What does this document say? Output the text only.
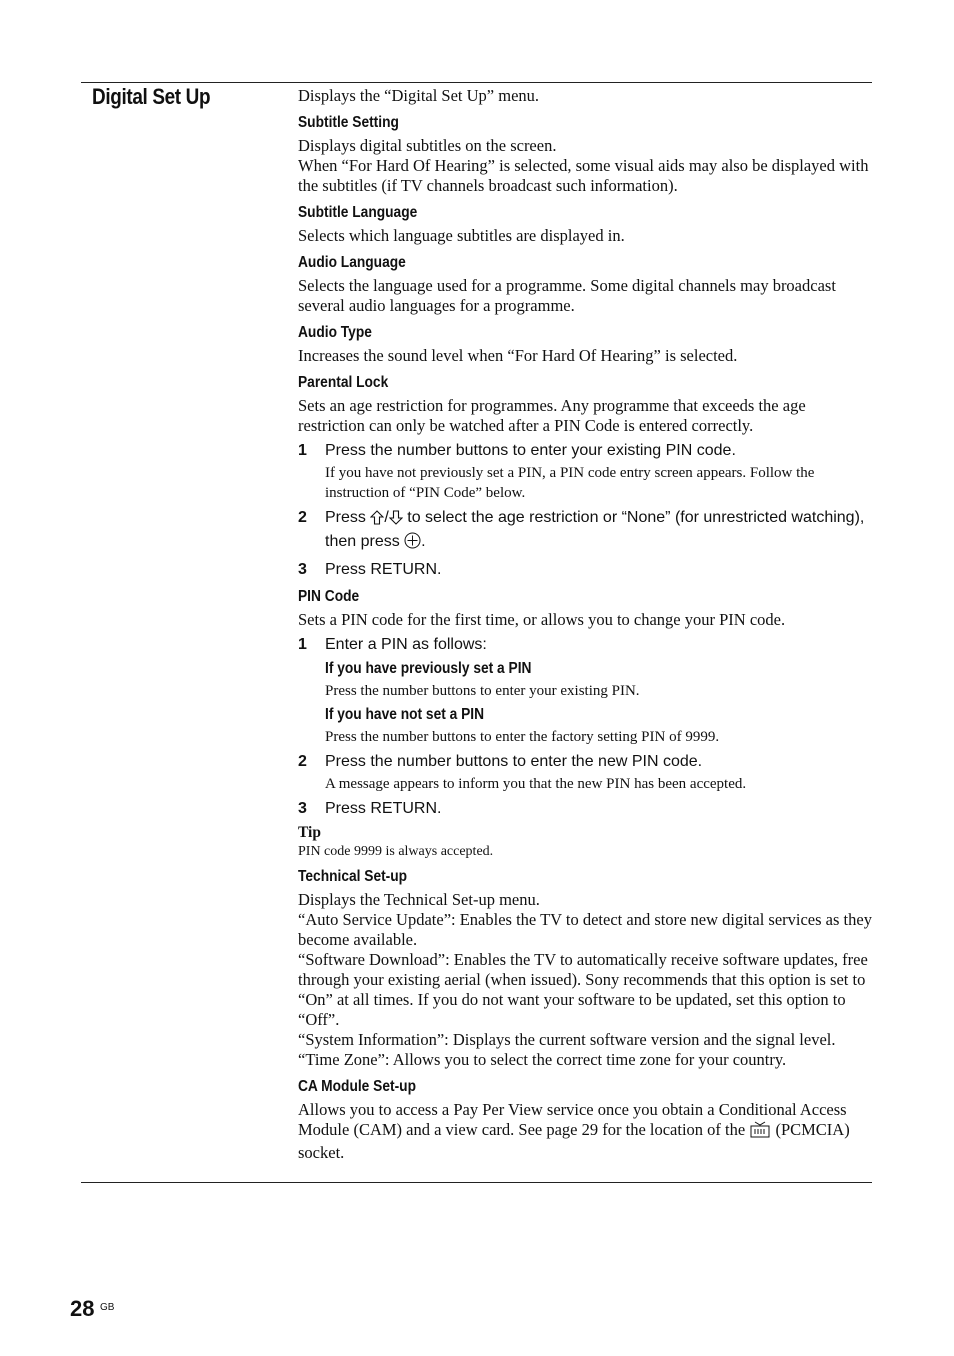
Digital Set Up	Displays the “Digital Set Up” menu.
Subtitle Setting
Displays digital subtitles on the screen.
When “For Hard Of Hearing” is selected, some visual aids may also be displayed with the subtitles (if TV channels broadcast such information).
Subtitle Language
Selects which language subtitles are displayed in.
Audio Language
Selects the language used for a programme. Some digital channels may broadcast several audio languages for a programme.
Audio Type
Increases the sound level when “For Hard Of Hearing” is selected.
Parental Lock
Sets an age restriction for programmes. Any programme that exceeds the age restriction can only be watched after a PIN Code is entered correctly.
1	Press the number buttons to enter your existing PIN code.
If you have not previously set a PIN, a PIN code entry screen appears. Follow the instruction of “PIN Code” below.
2	Press / to select the age restriction or “None” (for unrestricted watching), then press .
3	Press RETURN.
PIN Code
Sets a PIN code for the first time, or allows you to change your PIN code.
1	Enter a PIN as follows:
If you have previously set a PIN
Press the number buttons to enter your existing PIN.
If you have not set a PIN
Press the number buttons to enter the factory setting PIN of 9999.
2	Press the number buttons to enter the new PIN code.
A message appears to inform you that the new PIN has been accepted.
3	Press RETURN.
Tip
PIN code 9999 is always accepted.
Technical Set-up
Displays the Technical Set-up menu.
“Auto Service Update”: Enables the TV to detect and store new digital services as they become available.
“Software Download”: Enables the TV to automatically receive software updates, free through your existing aerial (when issued). Sony recommends that this option is set to “On” at all times. If you do not want your software to be updated, set this option to “Off”.
“System Information”: Displays the current software version and the signal level.
“Time Zone”: Allows you to select the correct time zone for your country.
CA Module Set-up
Allows you to access a Pay Per View service once you obtain a Conditional Access Module (CAM) and a view card. See page 29 for the location of the (PCMCIA) socket.
28 GB
